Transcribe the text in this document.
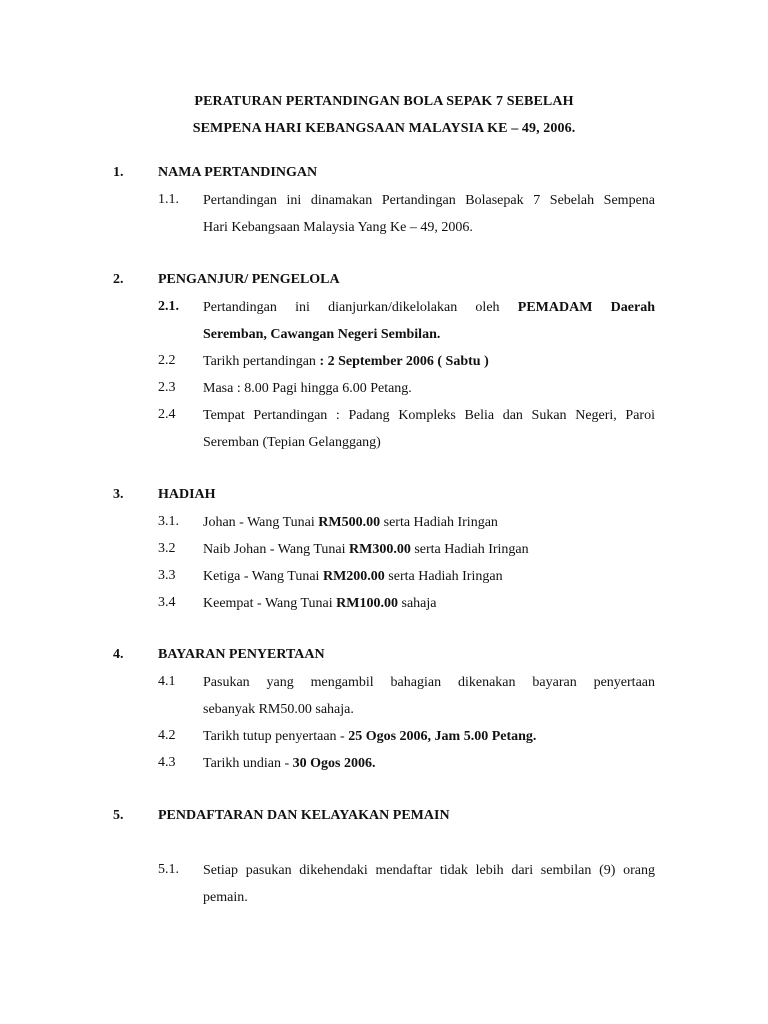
PERATURAN PERTANDINGAN BOLA SEPAK 7 SEBELAH
SEMPENA HARI KEBANGSAAN MALAYSIA KE – 49, 2006.
1. NAMA PERTANDINGAN
1.1. Pertandingan ini dinamakan Pertandingan Bolasepak 7 Sebelah Sempena
Hari Kebangsaan Malaysia Yang Ke – 49, 2006.
2. PENGANJUR/ PENGELOLA
2.1. Pertandingan ini dianjurkan/dikelolakan oleh PEMADAM Daerah
Seremban, Cawangan Negeri Sembilan.
2.2 Tarikh pertandingan : 2 September 2006 ( Sabtu )
2.3 Masa : 8.00 Pagi hingga 6.00 Petang.
2.4 Tempat Pertandingan : Padang Kompleks Belia dan Sukan Negeri, Paroi
Seremban (Tepian Gelanggang)
3. HADIAH
3.1. Johan - Wang Tunai RM500.00 serta Hadiah Iringan
3.2 Naib Johan - Wang Tunai RM300.00 serta Hadiah Iringan
3.3 Ketiga - Wang Tunai RM200.00 serta Hadiah Iringan
3.4 Keempat - Wang Tunai RM100.00 sahaja
4. BAYARAN PENYERTAAN
4.1 Pasukan yang mengambil bahagian dikenakan bayaran penyertaan
sebanyak RM50.00 sahaja.
4.2 Tarikh tutup penyertaan - 25 Ogos 2006, Jam 5.00 Petang.
4.3 Tarikh undian - 30 Ogos 2006.
5. PENDAFTARAN DAN KELAYAKAN PEMAIN
5.1. Setiap pasukan dikehendaki mendaftar tidak lebih dari sembilan (9) orang
pemain.
